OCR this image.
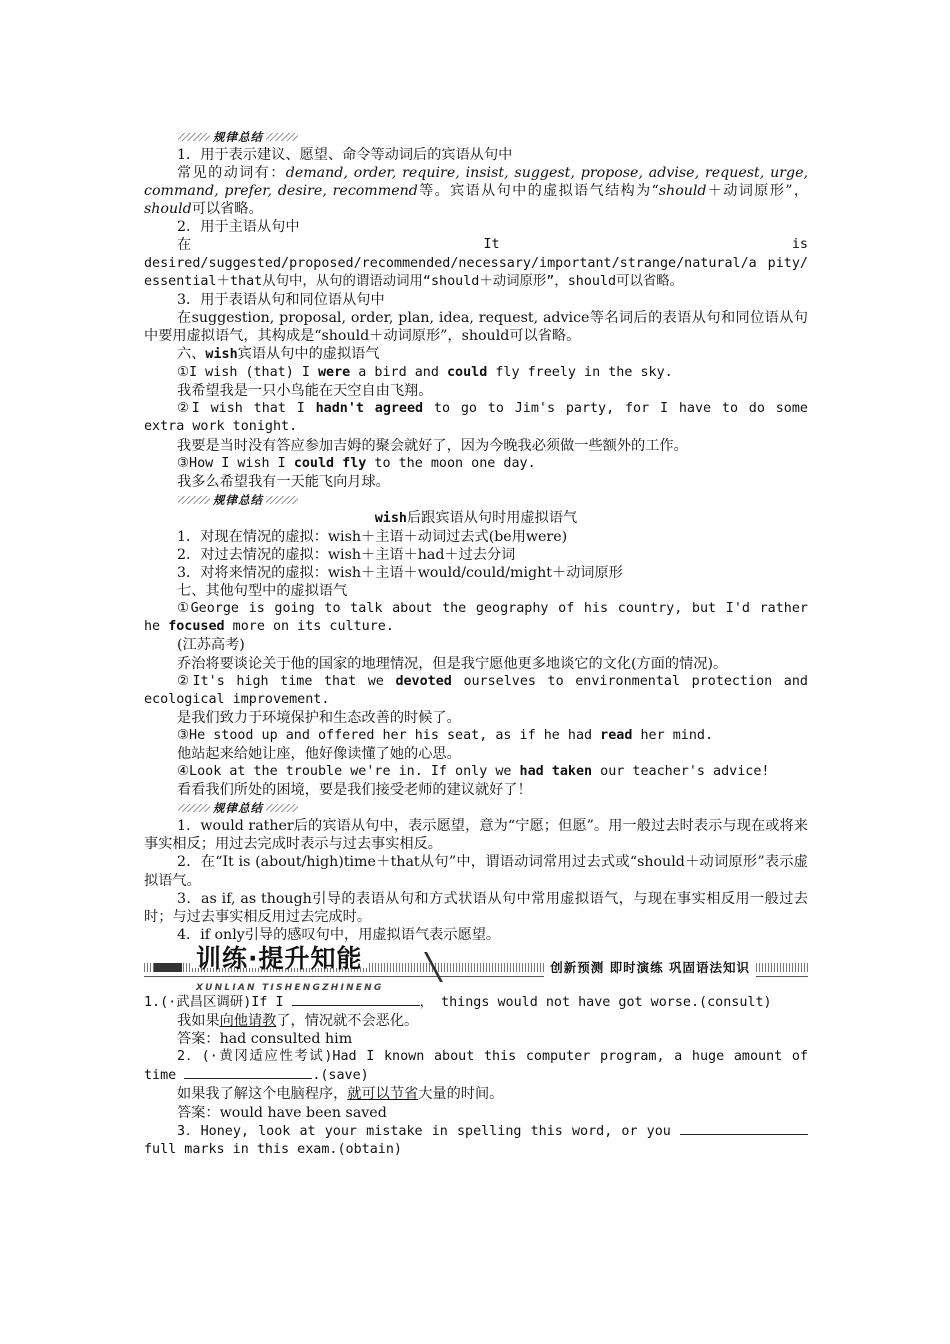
规律总结

1．用于表示建议、愿望、命令等动词后的宾语从句中

常见的动词有：demand, order, require, insist, suggest, propose, advise, request, urge, command, prefer, desire, recommend等。宾语从句中的虚拟语气结构为“should＋动词原形”，should可以省略。

2．用于主语从句中

在	It	is

desired/suggested/proposed/recommended/necessary/important/strange/natural/a pity/essential＋that从句中，从句的谓语动词用“should＋动词原形”，should可以省略。

3．用于表语从句和同位语从句中

在suggestion, proposal, order, plan, idea, request, advice等名词后的表语从句和同位语从句中要用虚拟语气，其构成是“should＋动词原形”，should可以省略。

六、wish宾语从句中的虚拟语气

①I wish (that) I were a bird and could fly freely in the sky.

我希望我是一只小鸟能在天空自由飞翔。

②I wish that I hadn't agreed to go to Jim's party, for I have to do some extra work tonight.

我要是当时没有答应参加吉姆的聚会就好了，因为今晚我必须做一些额外的工作。

③How I wish I could fly to the moon one day.

我多么希望我有一天能飞向月球。

规律总结

wish后跟宾语从句时用虚拟语气

1．对现在情况的虚拟：wish＋主语＋动词过去式(be用were)

2．对过去情况的虚拟：wish＋主语＋had＋过去分词

3．对将来情况的虚拟：wish＋主语＋would/could/might＋动词原形

七、其他句型中的虚拟语气

①George is going to talk about the geography of his country, but I'd rather he focused more on its culture.

(江苏高考)

乔治将要谈论关于他的国家的地理情况，但是我宁愿他更多地谈它的文化(方面的情况)。

②It's high time that we devoted ourselves to environmental protection and ecological improvement.

是我们致力于环境保护和生态改善的时候了。

③He stood up and offered her his seat, as if he had read her mind.

他站起来给她让座，他好像读懂了她的心思。

④Look at the trouble we're in. If only we had taken our teacher's advice!

看看我们所处的困境，要是我们接受老师的建议就好了！

规律总结

1．would rather后的宾语从句中，表示愿望，意为“宁愿；但愿”。用一般过去时表示与现在或将来事实相反；用过去完成时表示与过去事实相反。

2．在“It is (about/high)time＋that从句”中，谓语动词常用过去式或“should＋动词原形”表示虚拟语气。

3．as if, as though引导的表语从句和方式状语从句中常用虚拟语气，与现在事实相反用一般过去时；与过去事实相反用过去完成时。

4．if only引导的感叹句中，用虚拟语气表示愿望。

训练·提升知能
XUNLIAN TISHENGZHINENG
创新预测 即时演练 巩固语法知识

1.(·武昌区调研)If I	， things would not have got worse.(consult)

我如果向他请教了，情况就不会恶化。

答案：had consulted him

2．(·黄冈适应性考试)Had I known about this computer program, a huge amount of time	.(save)

如果我了解这个电脑程序，就可以节省大量的时间。

答案：would have been saved

3．Honey, look at your mistake in spelling this word, or you  full marks in this exam.(obtain)
